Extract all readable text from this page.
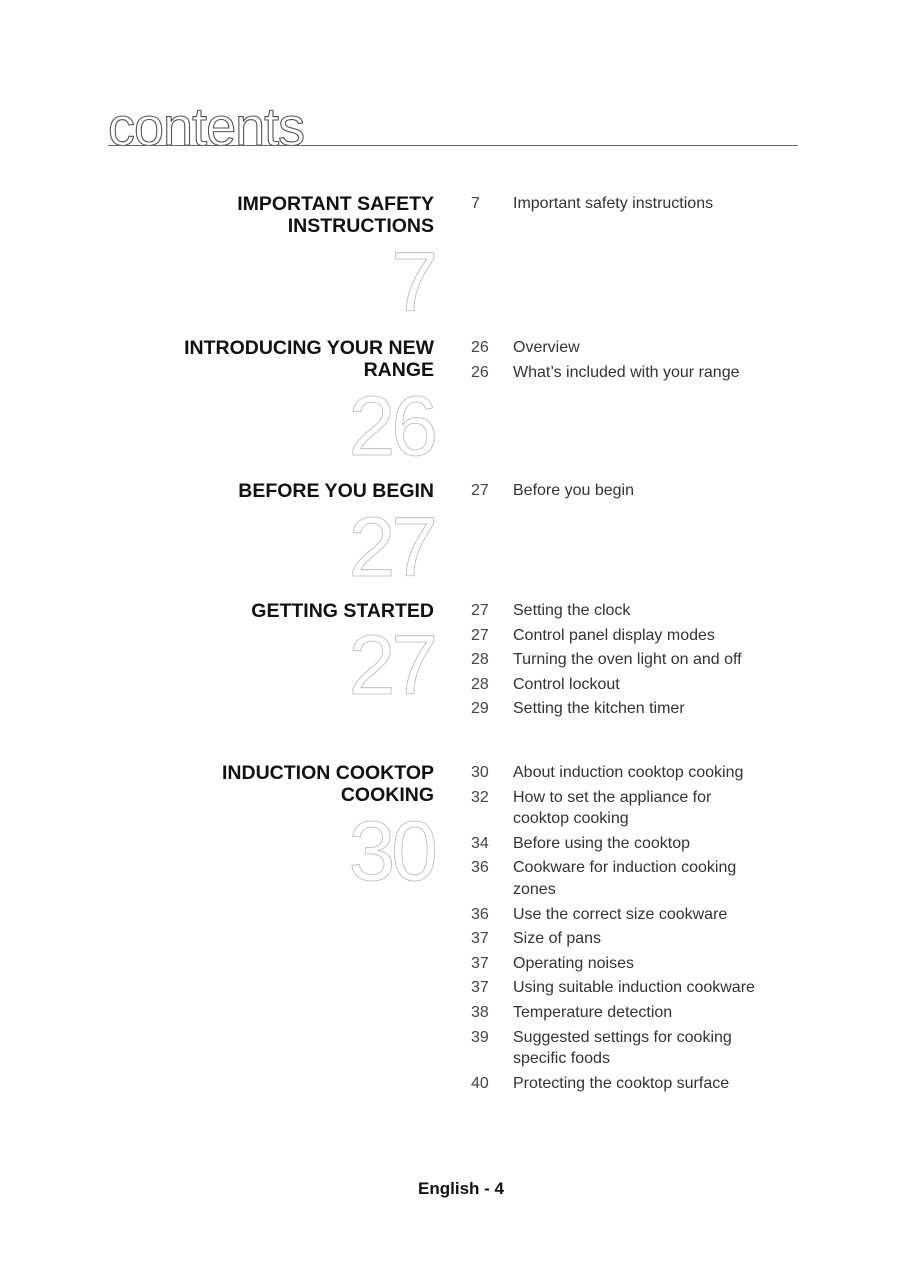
contents
IMPORTANT SAFETY
INSTRUCTIONS
7
7	Important safety instructions
INTRODUCING YOUR NEW
RANGE
26
26	Overview
26	What’s included with your range
BEFORE YOU BEGIN
27
27	Before you begin
GETTING STARTED
27
27	Setting the clock
27	Control panel display modes
28	Turning the oven light on and off
28	Control lockout
29	Setting the kitchen timer
INDUCTION COOKTOP
COOKING
30
30	About induction cooktop cooking
32	How to set the appliance for cooktop cooking
34	Before using the cooktop
36	Cookware for induction cooking zones
36	Use the correct size cookware
37	Size of pans
37	Operating noises
37	Using suitable induction cookware
38	Temperature detection
39	Suggested settings for cooking specific foods
40	Protecting the cooktop surface
English - 4
